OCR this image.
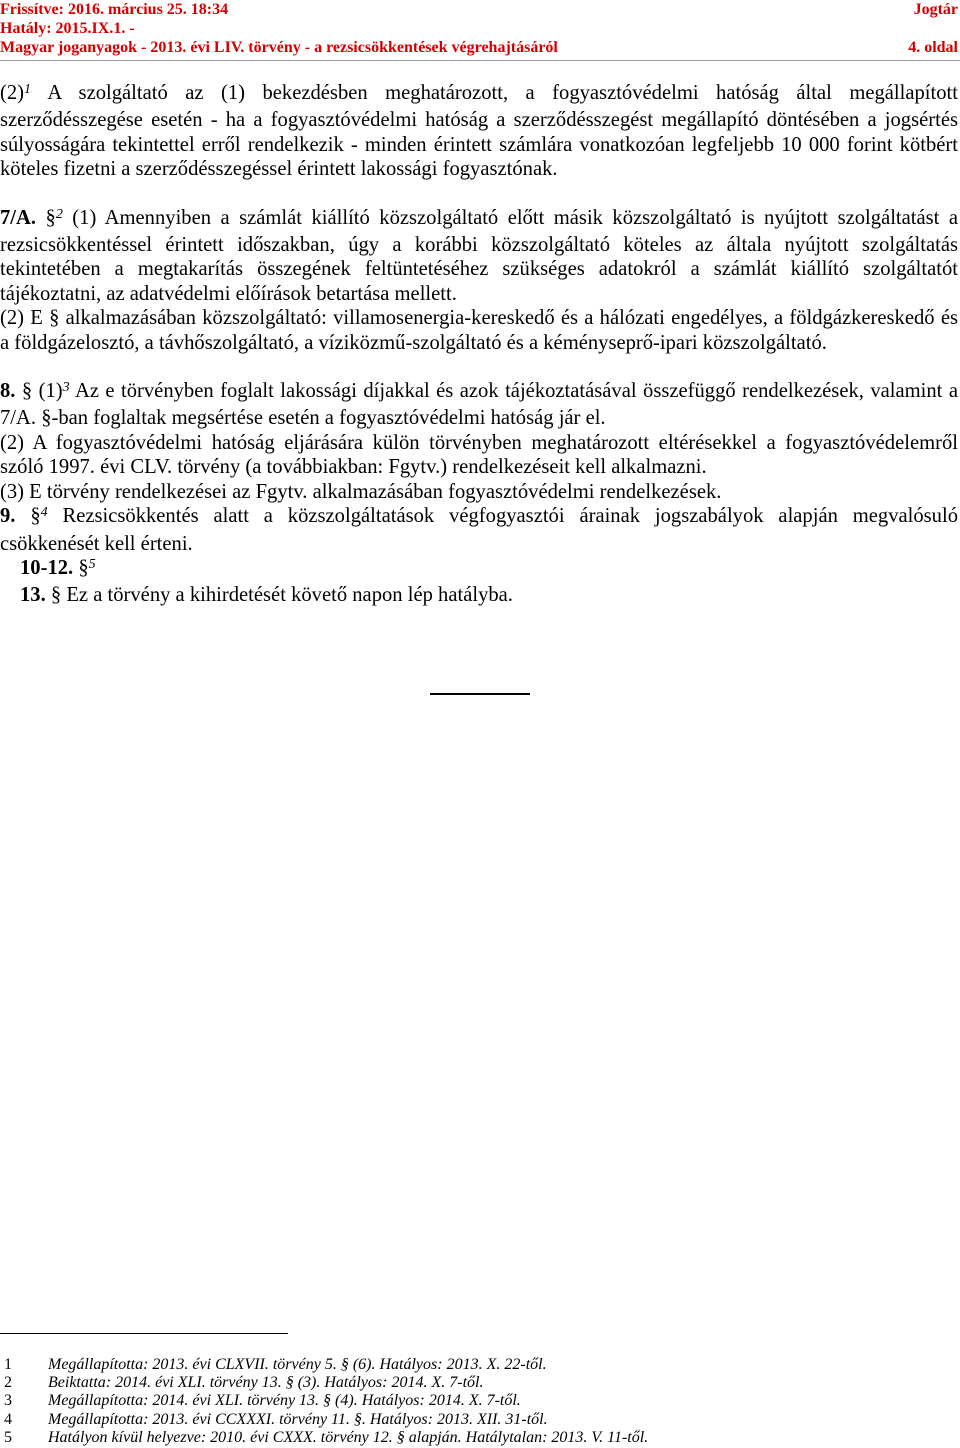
Frissítve: 2016. március 25. 18:34	Jogtár
Hatály: 2015.IX.1. -
Magyar joganyagok - 2013. évi LIV. törvény - a rezsicsökkentések végrehajtásáról	4. oldal

$(2)^1$ A szolgáltató az (1) bekezdésben meghatározott, a fogyasztóvédelmi hatóság által megállapított szerződésszegése esetén - ha a fogyasztóvédelmi hatóság a szerződésszegést megállapító döntésében a jogsértés súlyosságára tekintettel erről rendelkezik - minden érintett számlára vonatkozóan legfeljebb 10 000 forint kötbért köteles fizetni a szerződésszegéssel érintett lakossági fogyasztónak.

7/A. §$^2$ (1) Amennyiben a számlát kiállító közszolgáltató előtt másik közszolgáltató is nyújtott szolgáltatást a rezsicsökkentéssel érintett időszakban, úgy a korábbi közszolgáltató köteles az általa nyújtott szolgáltatás tekintetében a megtakarítás összegének feltüntetéséhez szükséges adatokról a számlát kiállító szolgáltatót tájékoztatni, az adatvédelmi előírások betartása mellett.

(2) E § alkalmazásában közszolgáltató: villamosenergia-kereskedő és a hálózati engedélyes, a földgázkereskedő és a földgázelosztó, a távhőszolgáltató, a víziközmű-szolgáltató és a kéményseprő-ipari közszolgáltató.

8. § $(1)^3$ Az e törvényben foglalt lakossági díjakkal és azok tájékoztatásával összefüggő rendelkezések, valamint a 7/A. §-ban foglaltak megsértése esetén a fogyasztóvédelmi hatóság jár el.

(2) A fogyasztóvédelmi hatóság eljárására külön törvényben meghatározott eltérésekkel a fogyasztóvédelemről szóló 1997. évi CLV. törvény (a továbbiakban: Fgytv.) rendelkezéseit kell alkalmazni.

(3) E törvény rendelkezései az Fgytv. alkalmazásában fogyasztóvédelmi rendelkezések.

9. §$^4$ Rezsicsökkentés alatt a közszolgáltatások végfogyasztói árainak jogszabályok alapján megvalósuló csökkenését kell érteni.

10-12. §$^5$

13. § Ez a törvény a kihirdetését követő napon lép hatályba.

1 Megállapította: 2013. évi CLXVII. törvény 5. § (6). Hatályos: 2013. X. 22-től.
2 Beiktatta: 2014. évi XLI. törvény 13. § (3). Hatályos: 2014. X. 7-től.
3 Megállapította: 2014. évi XLI. törvény 13. § (4). Hatályos: 2014. X. 7-től.
4 Megállapította: 2013. évi CCXXXI. törvény 11. §. Hatályos: 2013. XII. 31-től.
5 Hatályon kívül helyezve: 2010. évi CXXX. törvény 12. § alapján. Hatálytalan: 2013. V. 11-től.
